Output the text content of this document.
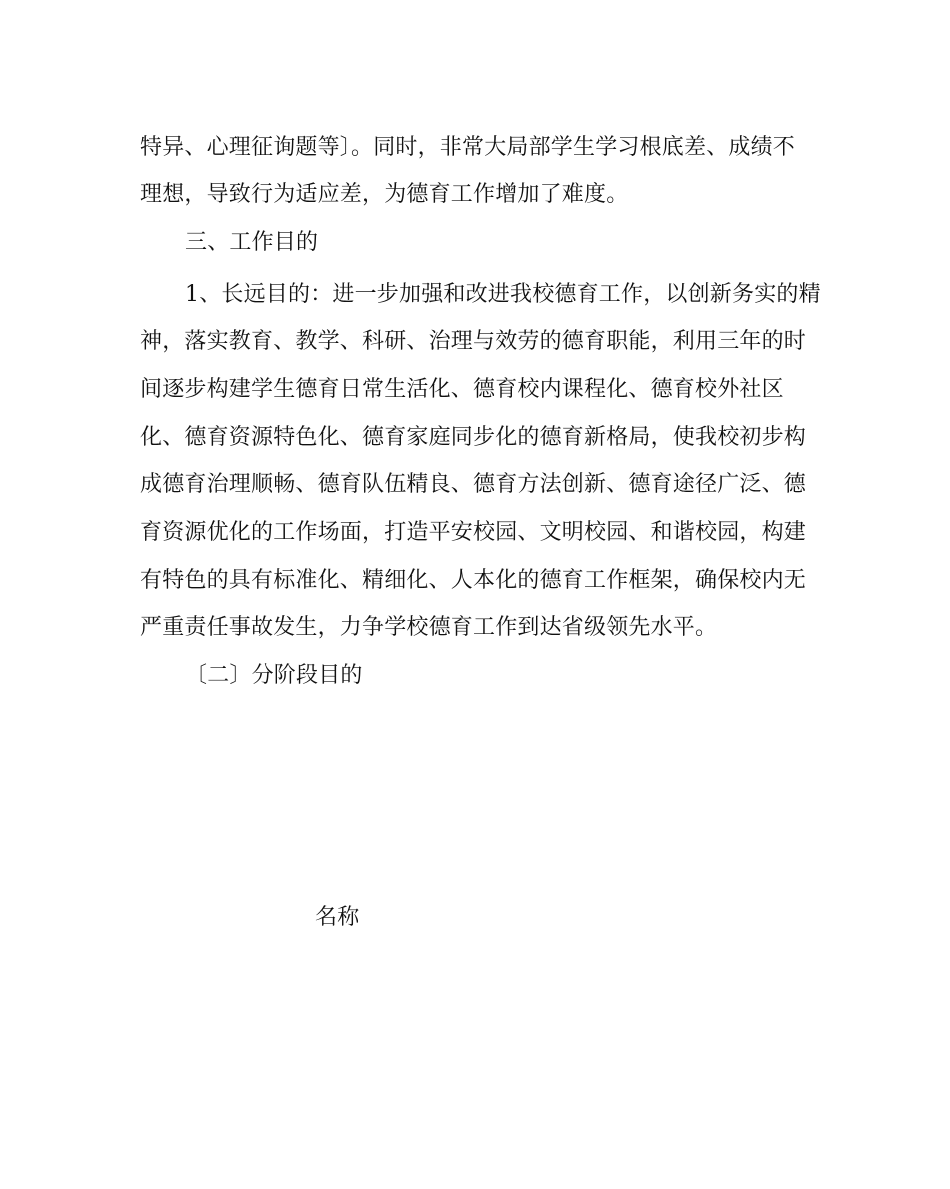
特异、心理征询题等〕。同时，非常大局部学生学习根底差、成绩不
理想，导致行为适应差，为德育工作增加了难度。
三、工作目的
1、长远目的：进一步加强和改进我校德育工作，以创新务实的精
神，落实教育、教学、科研、治理与效劳的德育职能，利用三年的时
间逐步构建学生德育日常生活化、德育校内课程化、德育校外社区
化、德育资源特色化、德育家庭同步化的德育新格局，使我校初步构
成德育治理顺畅、德育队伍精良、德育方法创新、德育途径广泛、德
育资源优化的工作场面，打造平安校园、文明校园、和谐校园，构建
有特色的具有标准化、精细化、人本化的德育工作框架，确保校内无
严重责任事故发生，力争学校德育工作到达省级领先水平。
〔二〕分阶段目的
名称
